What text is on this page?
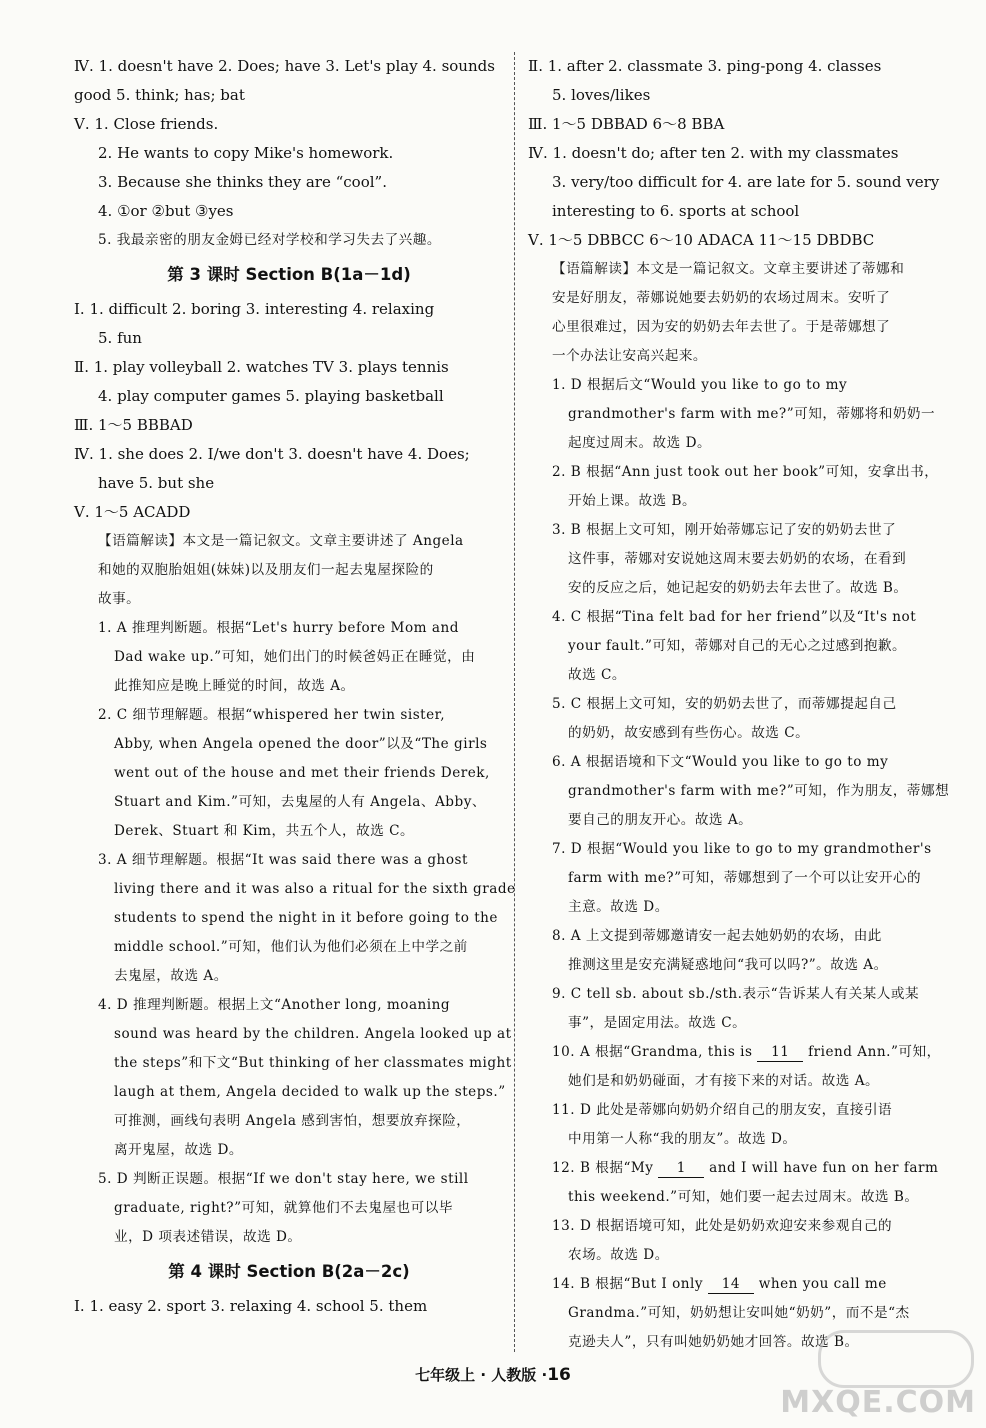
Ⅳ. 1. doesn't have 2. Does; have 3. Let's play 4. sounds
good 5. think; has; bat
Ⅴ. 1. Close friends.
2. He wants to copy Mike's homework.
3. Because she thinks they are “cool”.
4. ①or ②but ③yes
5. 我最亲密的朋友金姆已经对学校和学习失去了兴趣。
第 3 课时 Section B(1a－1d)
Ⅰ. 1. difficult 2. boring 3. interesting 4. relaxing
5. fun
Ⅱ. 1. play volleyball 2. watches TV 3. plays tennis
4. play computer games 5. playing basketball
Ⅲ. 1～5 BBBAD
Ⅳ. 1. she does 2. I/we don't 3. doesn't have 4. Does;
have 5. but she
Ⅴ. 1～5 ACADD
【语篇解读】本文是一篇记叙文。文章主要讲述了 Angela
和她的双胞胎姐姐(妹妹)以及朋友们一起去鬼屋探险的
故事。
1. A 推理判断题。根据“Let's hurry before Mom and
Dad wake up.”可知，她们出门的时候爸妈正在睡觉，由
此推知应是晚上睡觉的时间，故选 A。
2. C 细节理解题。根据“whispered her twin sister,
Abby, when Angela opened the door”以及“The girls
went out of the house and met their friends Derek,
Stuart and Kim.”可知，去鬼屋的人有 Angela、Abby、
Derek、Stuart 和 Kim，共五个人，故选 C。
3. A 细节理解题。根据“It was said there was a ghost
living there and it was also a ritual for the sixth grade
students to spend the night in it before going to the
middle school.”可知，他们认为他们必须在上中学之前
去鬼屋，故选 A。
4. D 推理判断题。根据上文“Another long, moaning
sound was heard by the children. Angela looked up at
the steps”和下文“But thinking of her classmates might
laugh at them, Angela decided to walk up the steps.”
可推测，画线句表明 Angela 感到害怕，想要放弃探险，
离开鬼屋，故选 D。
5. D 判断正误题。根据“If we don't stay here, we still
graduate, right?”可知，就算他们不去鬼屋也可以毕
业，D 项表述错误，故选 D。
第 4 课时 Section B(2a－2c)
Ⅰ. 1. easy 2. sport 3. relaxing 4. school 5. them
Ⅱ. 1. after 2. classmate 3. ping-pong 4. classes
5. loves/likes
Ⅲ. 1～5 DBBAD 6～8 BBA
Ⅳ. 1. doesn't do; after ten 2. with my classmates
3. very/too difficult for 4. are late for 5. sound very
interesting to 6. sports at school
Ⅴ. 1～5 DBBCC 6～10 ADACA 11～15 DBDBC
【语篇解读】本文是一篇记叙文。文章主要讲述了蒂娜和
安是好朋友，蒂娜说她要去奶奶的农场过周末。安听了
心里很难过，因为安的奶奶去年去世了。于是蒂娜想了
一个办法让安高兴起来。
1. D 根据后文“Would you like to go to my
grandmother's farm with me?”可知，蒂娜将和奶奶一
起度过周末。故选 D。
2. B 根据“Ann just took out her book”可知，安拿出书，
开始上课。故选 B。
3. B 根据上文可知，刚开始蒂娜忘记了安的奶奶去世了
这件事，蒂娜对安说她这周末要去奶奶的农场，在看到
安的反应之后，她记起安的奶奶去年去世了。故选 B。
4. C 根据“Tina felt bad for her friend”以及“It's not
your fault.”可知，蒂娜对自己的无心之过感到抱歉。
故选 C。
5. C 根据上文可知，安的奶奶去世了，而蒂娜提起自己
的奶奶，故安感到有些伤心。故选 C。
6. A 根据语境和下文“Would you like to go to my
grandmother's farm with me?”可知，作为朋友，蒂娜想
要自己的朋友开心。故选 A。
7. D 根据“Would you like to go to my grandmother's
farm with me?”可知，蒂娜想到了一个可以让安开心的
主意。故选 D。
8. A 上文提到蒂娜邀请安一起去她奶奶的农场，由此
推测这里是安充满疑惑地问“我可以吗?”。故选 A。
9. C tell sb. about sb./sth.表示“告诉某人有关某人或某
事”，是固定用法。故选 C。
10. A 根据“Grandma, this is 11 friend Ann.”可知，
她们是和奶奶碰面，才有接下来的对话。故选 A。
11. D 此处是蒂娜向奶奶介绍自己的朋友安，直接引语
中用第一人称“我的朋友”。故选 D。
12. B 根据“My 1 and I will have fun on her farm
this weekend.”可知，她们要一起去过周末。故选 B。
13. D 根据语境可知，此处是奶奶欢迎安来参观自己的
农场。故选 D。
14. B 根据“But I only 14 when you call me
Grandma.”可知，奶奶想让安叫她“奶奶”，而不是“杰
克逊夫人”，只有叫她奶奶她才回答。故选 B。
七年级上 · 人教版 ·16
MXQE.COM
